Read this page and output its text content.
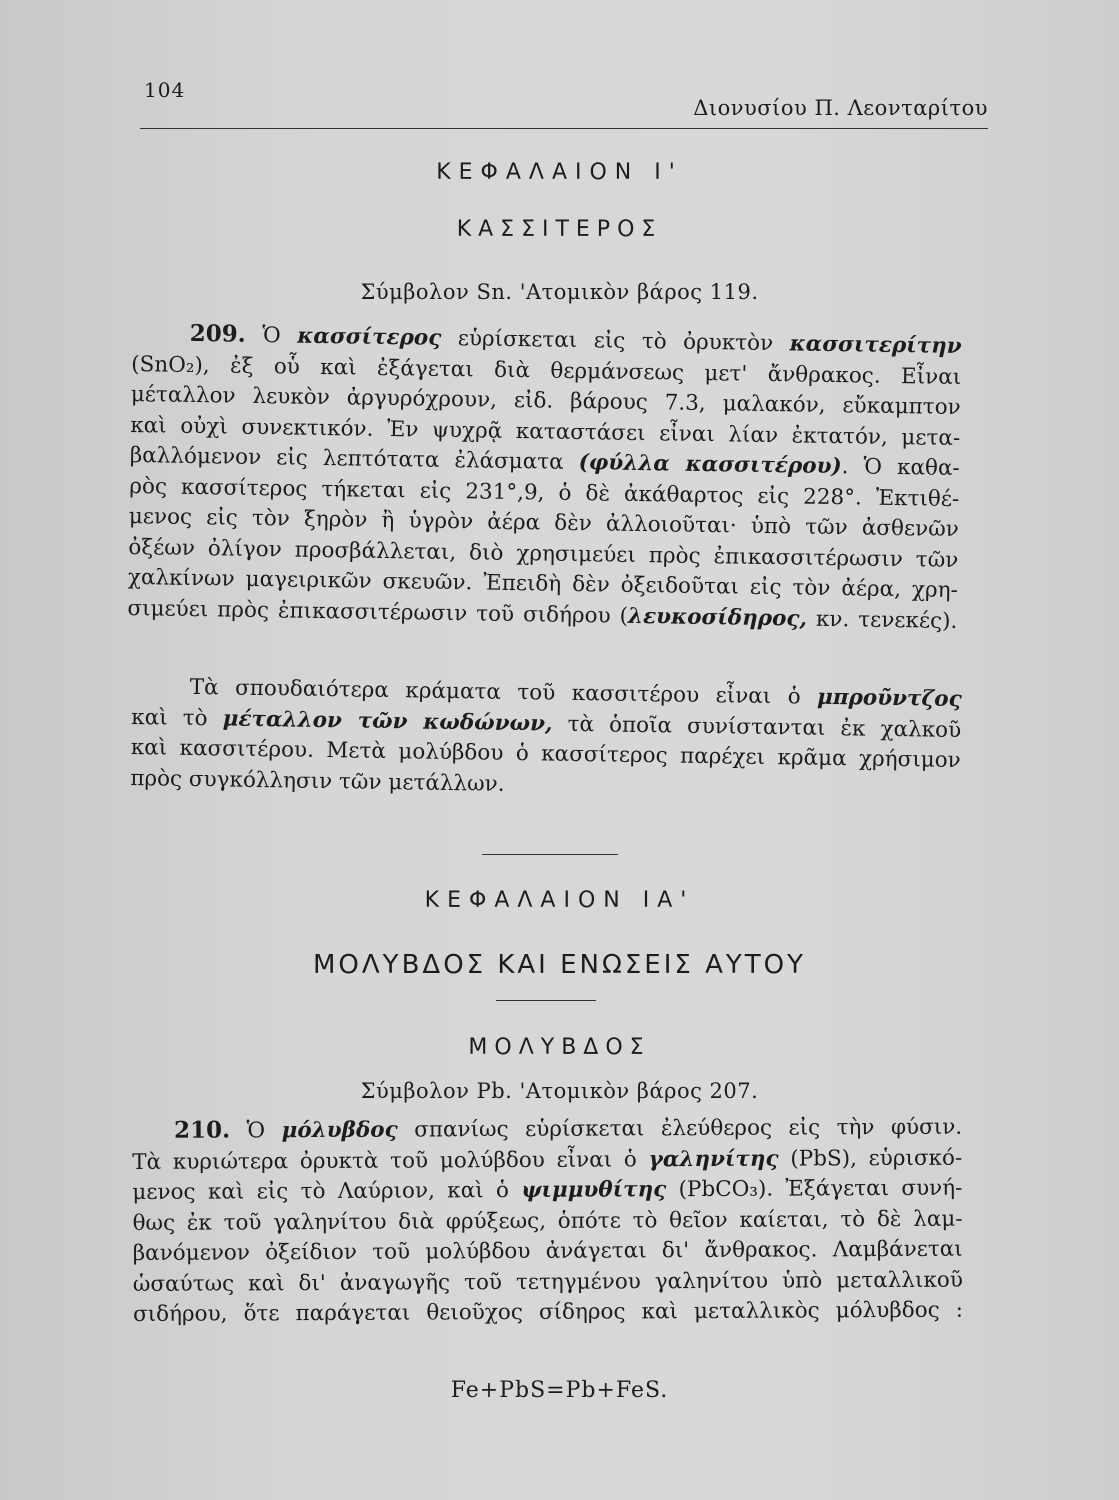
104
Διονυσίου Π. Λεονταρίτου
ΚΕΦΑΛΑΙΟΝ Ι'
ΚΑΣΣΙΤΕΡΟΣ
Σύμβολον Sn. 'Ατομικὸν βάρος 119.
209. Ὁ κασσίτερος εὑρίσκεται εἰς τὸ ὀρυκτὸν κασσιτερίτην
(SnO₂), ἐξ οὗ καὶ ἐξάγεται διὰ θερμάνσεως μετ' ἄνθρακος. Εἶναι
μέταλλον λευκὸν ἀργυρόχρουν, εἰδ. βάρους 7.3, μαλακόν, εὔκαμπτον
καὶ οὐχὶ συνεκτικόν. Ἐν ψυχρᾷ καταστάσει εἶναι λίαν ἐκτατόν, μετα-
βαλλόμενον εἰς λεπτότατα ἐλάσματα (φύλλα κασσιτέρου). Ὁ καθα-
ρὸς κασσίτερος τήκεται εἰς 231°,9, ὁ δὲ ἀκάθαρτος εἰς 228°. Ἐκτιθέ-
μενος εἰς τὸν ξηρὸν ἢ ὑγρὸν ἀέρα δὲν ἀλλοιοῦται· ὑπὸ τῶν ἀσθενῶν
ὀξέων ὀλίγον προσβάλλεται, διὸ χρησιμεύει πρὸς ἐπικασσιτέρωσιν τῶν
χαλκίνων μαγειρικῶν σκευῶν. Ἐπειδὴ δὲν ὀξειδοῦται εἰς τὸν ἀέρα, χρη-
σιμεύει πρὸς ἐπικασσιτέρωσιν τοῦ σιδήρου (λευκοσίδηρος, κν. τενεκές).
Τὰ σπουδαιότερα κράματα τοῦ κασσιτέρου εἶναι ὁ μπροῦντζος
καὶ τὸ μέταλλον τῶν κωδώνων, τὰ ὁποῖα συνίστανται ἐκ χαλκοῦ
καὶ κασσιτέρου. Μετὰ μολύβδου ὁ κασσίτερος παρέχει κρᾶμα χρήσιμον
πρὸς συγκόλλησιν τῶν μετάλλων.
ΚΕΦΑΛΑΙΟΝ ΙΑ'
ΜΟΛΥΒΔΟΣ ΚΑΙ ΕΝΩΣΕΙΣ ΑΥΤΟΥ
ΜΟΛΥΒΔΟΣ
Σύμβολον Pb. 'Ατομικὸν βάρος 207.
210. Ὁ μόλυβδος σπανίως εὑρίσκεται ἐλεύθερος εἰς τὴν φύσιν.
Τὰ κυριώτερα ὀρυκτὰ τοῦ μολύβδου εἶναι ὁ γαληνίτης (PbS), εὑρισκό-
μενος καὶ εἰς τὸ Λαύριον, καὶ ὁ ψιμμυθίτης (PbCO₃). Ἐξάγεται συνή-
θως ἐκ τοῦ γαληνίτου διὰ φρύξεως, ὁπότε τὸ θεῖον καίεται, τὸ δὲ λαμ-
βανόμενον ὀξείδιον τοῦ μολύβδου ἀνάγεται δι' ἄνθρακος. Λαμβάνεται
ὡσαύτως καὶ δι' ἀναγωγῆς τοῦ τετηγμένου γαληνίτου ὑπὸ μεταλλικοῦ
σιδήρου, ὅτε παράγεται θειοῦχος σίδηρος καὶ μεταλλικὸς μόλυβδος :
Fe+PbS=Pb+FeS.
